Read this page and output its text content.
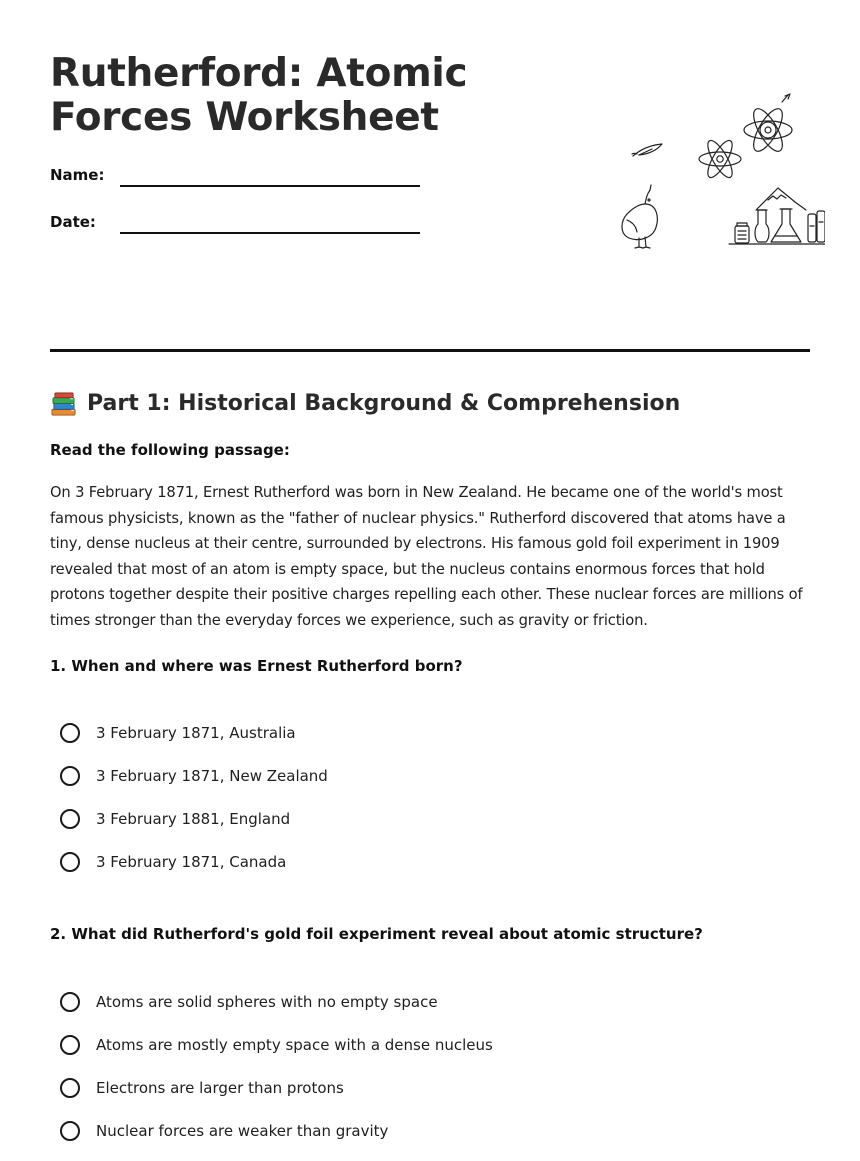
Rutherford: Atomic Forces Worksheet
Name:
Date:
Part 1: Historical Background & Comprehension
Read the following passage:

On 3 February 1871, Ernest Rutherford was born in New Zealand. He became one of the world's most famous physicists, known as the "father of nuclear physics." Rutherford discovered that atoms have a tiny, dense nucleus at their centre, surrounded by electrons. His famous gold foil experiment in 1909 revealed that most of an atom is empty space, but the nucleus contains enormous forces that hold protons together despite their positive charges repelling each other. These nuclear forces are millions of times stronger than the everyday forces we experience, such as gravity or friction.

1. When and where was Ernest Rutherford born?

3 February 1871, Australia
3 February 1871, New Zealand
3 February 1881, England
3 February 1871, Canada

2. What did Rutherford's gold foil experiment reveal about atomic structure?

Atoms are solid spheres with no empty space
Atoms are mostly empty space with a dense nucleus
Electrons are larger than protons
Nuclear forces are weaker than gravity
